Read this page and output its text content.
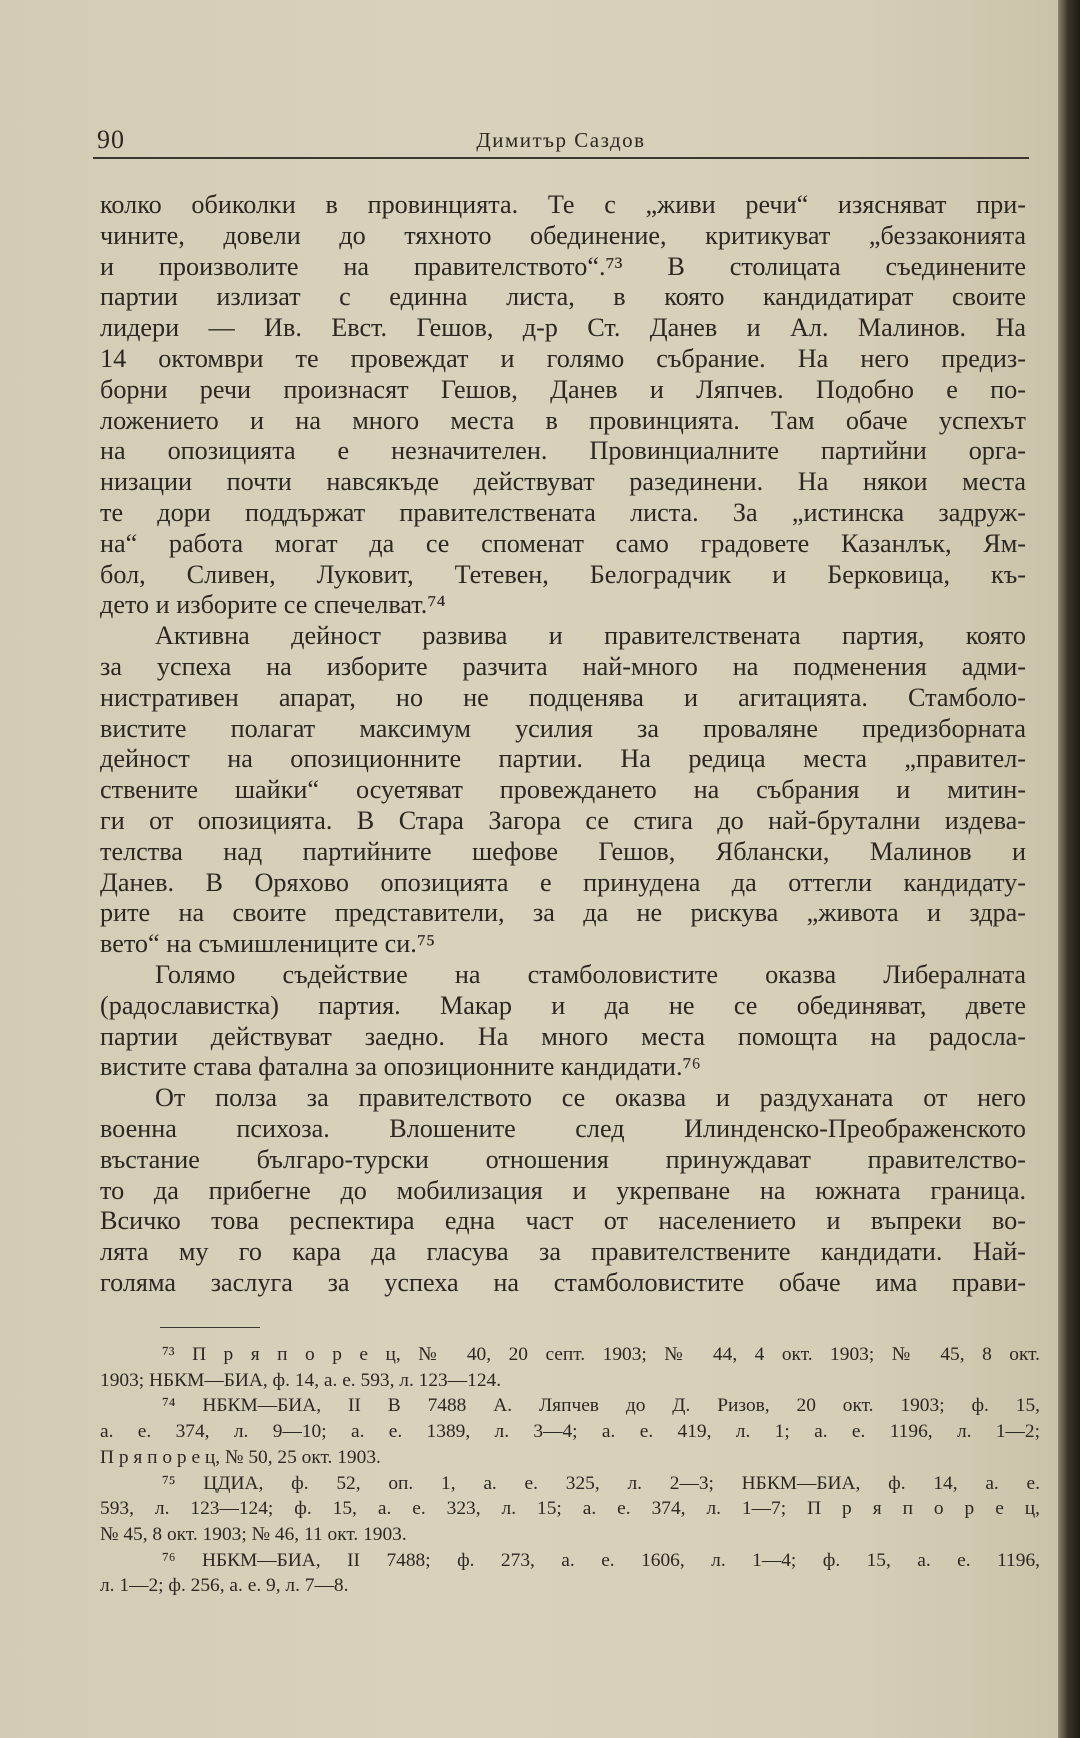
90	Димитър Саздов
колко обиколки в провинцията. Те с „живи речи“ изясняват при-
чините, довели до тяхното обединение, критикуват „беззаконията
и произволите на правителството“.⁷³ В столицата съединените
партии излизат с единна листа, в която кандидатират своите
лидери — Ив. Евст. Гешов, д-р Ст. Данев и Ал. Малинов. На
14 октомври те провеждат и голямо събрание. На него предиз-
борни речи произнасят Гешов, Данев и Ляпчев. Подобно е по-
ложението и на много места в провинцията. Там обаче успехът
на опозицията е незначителен. Провинциалните партийни орга-
низации почти навсякъде действуват разединени. На някои места
те дори поддържат правителствената листа. За „истинска задруж-
на“ работа могат да се споменат само градовете Казанлък, Ям-
бол, Сливен, Луковит, Тетевен, Белоградчик и Берковица, къ-
дето и изборите се спечелват.⁷⁴
Активна дейност развива и правителствената партия, която
за успеха на изборите разчита най-много на подменения адми-
нистративен апарат, но не подценява и агитацията. Стамболо-
вистите полагат максимум усилия за проваляне предизборната
дейност на опозиционните партии. На редица места „правител-
ствените шайки“ осуетяват провеждането на събрания и митин-
ги от опозицията. В Стара Загора се стига до най-брутални издева-
телства над партийните шефове Гешов, Яблански, Малинов и
Данев. В Оряхово опозицията е принудена да оттегли кандидату-
рите на своите представители, за да не рискува „живота и здра-
вето“ на съмишлениците си.⁷⁵
Голямо съдействие на стамболовистите оказва Либералната
(радославистка) партия. Макар и да не се обединяват, двете
партии действуват заедно. На много места помощта на радосла-
вистите става фатална за опозиционните кандидати.⁷⁶
От полза за правителството се оказва и раздуханата от него
военна психоза. Влошените след Илинденско-Преображенското
въстание българо-турски отношения принуждават правителство-
то да прибегне до мобилизация и укрепване на южната граница.
Всичко това респектира една част от населението и въпреки во-
лята му го кара да гласува за правителствените кандидати. Най-
голяма заслуга за успеха на стамболовистите обаче има прави-
⁷³ П р я п о р е ц, № 40, 20 септ. 1903; № 44, 4 окт. 1903; № 45, 8 окт.
1903; НБКМ—БИА, ф. 14, а. е. 593, л. 123—124.
⁷⁴ НБКМ—БИА, II В 7488 А. Ляпчев до Д. Ризов, 20 окт. 1903; ф. 15,
а. е. 374, л. 9—10; а. е. 1389, л. 3—4; а. е. 419, л. 1; а. е. 1196, л. 1—2;
П р я п о р е ц, № 50, 25 окт. 1903.
⁷⁵ ЦДИА, ф. 52, оп. 1, а. е. 325, л. 2—3; НБКМ—БИА, ф. 14, а. е.
593, л. 123—124; ф. 15, а. е. 323, л. 15; а. е. 374, л. 1—7; П р я п о р е ц,
№ 45, 8 окт. 1903; № 46, 11 окт. 1903.
⁷⁶ НБКМ—БИА, II 7488; ф. 273, а. е. 1606, л. 1—4; ф. 15, а. е. 1196,
л. 1—2; ф. 256, а. е. 9, л. 7—8.
